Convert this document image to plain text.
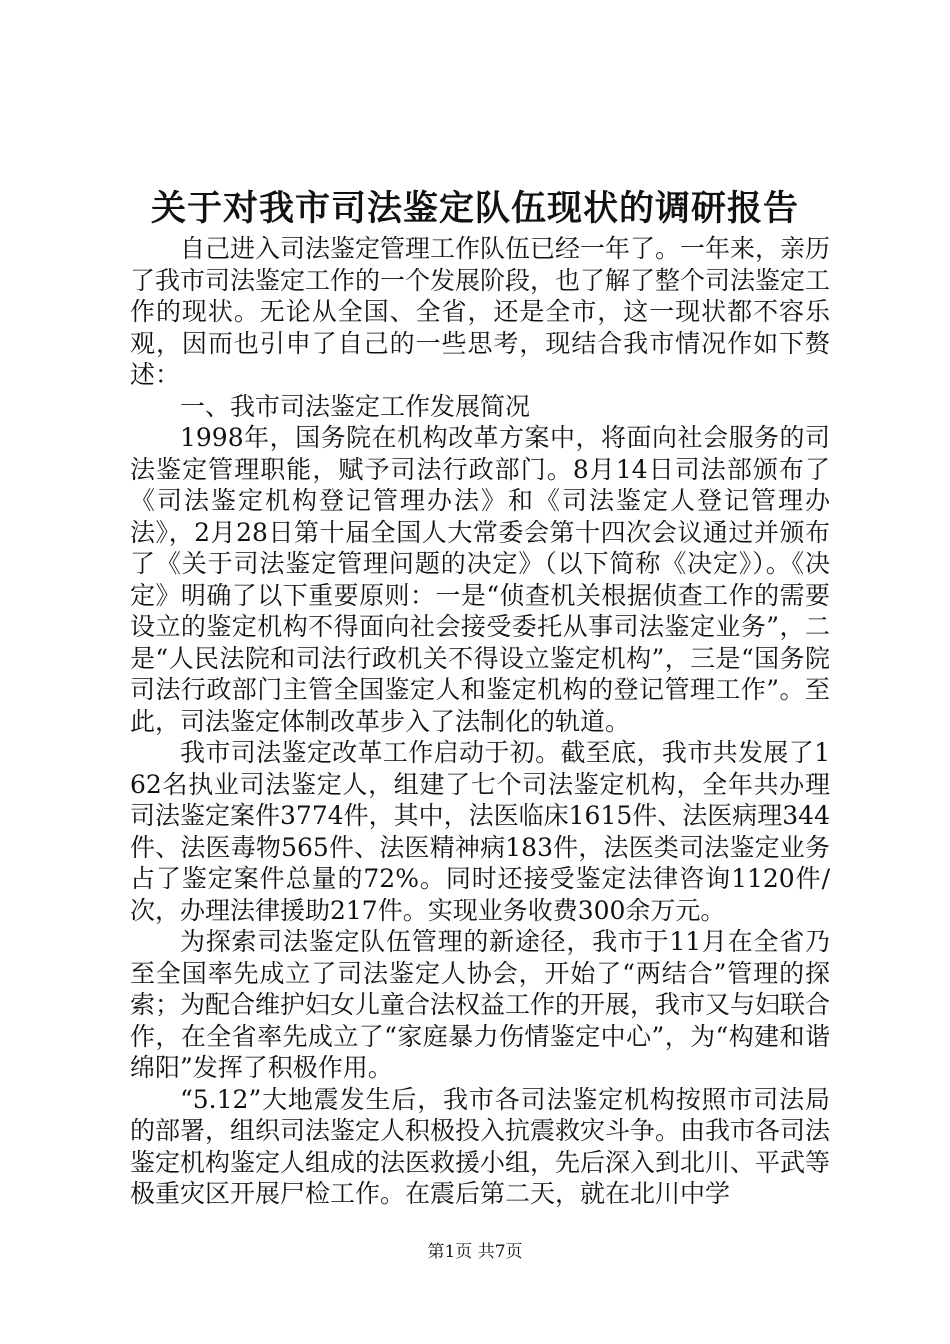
关于对我市司法鉴定队伍现状的调研报告

自己进入司法鉴定管理工作队伍已经一年了。一年来，亲历了我市司法鉴定工作的一个发展阶段，也了解了整个司法鉴定工作的现状。无论从全国、全省，还是全市，这一现状都不容乐观，因而也引申了自己的一些思考，现结合我市情况作如下赘述：

一、我市司法鉴定工作发展简况

1998年，国务院在机构改革方案中，将面向社会服务的司法鉴定管理职能，赋予司法行政部门。8月14日司法部颁布了《司法鉴定机构登记管理办法》和《司法鉴定人登记管理办法》，2月28日第十届全国人大常委会第十四次会议通过并颁布了《关于司法鉴定管理问题的决定》（以下简称《决定》）。《决定》明确了以下重要原则：一是“侦查机关根据侦查工作的需要设立的鉴定机构不得面向社会接受委托从事司法鉴定业务”，二是“人民法院和司法行政机关不得设立鉴定机构”，三是“国务院司法行政部门主管全国鉴定人和鉴定机构的登记管理工作”。至此，司法鉴定体制改革步入了法制化的轨道。

我市司法鉴定改革工作启动于初。截至底，我市共发展了162名执业司法鉴定人，组建了七个司法鉴定机构，全年共办理司法鉴定案件3774件，其中，法医临床1615件、法医病理344件、法医毒物565件、法医精神病183件，法医类司法鉴定业务占了鉴定案件总量的72%。同时还接受鉴定法律咨询1120件/次，办理法律援助217件。实现业务收费300余万元。

为探索司法鉴定队伍管理的新途径，我市于11月在全省乃至全国率先成立了司法鉴定人协会，开始了“两结合”管理的探索；为配合维护妇女儿童合法权益工作的开展，我市又与妇联合作，在全省率先成立了“家庭暴力伤情鉴定中心”，为“构建和谐绵阳”发挥了积极作用。

“5.12”大地震发生后，我市各司法鉴定机构按照市司法局的部署，组织司法鉴定人积极投入抗震救灾斗争。由我市各司法鉴定机构鉴定人组成的法医救援小组，先后深入到北川、平武等极重灾区开展尸检工作。在震后第二天，就在北川中学

第1页 共7页
